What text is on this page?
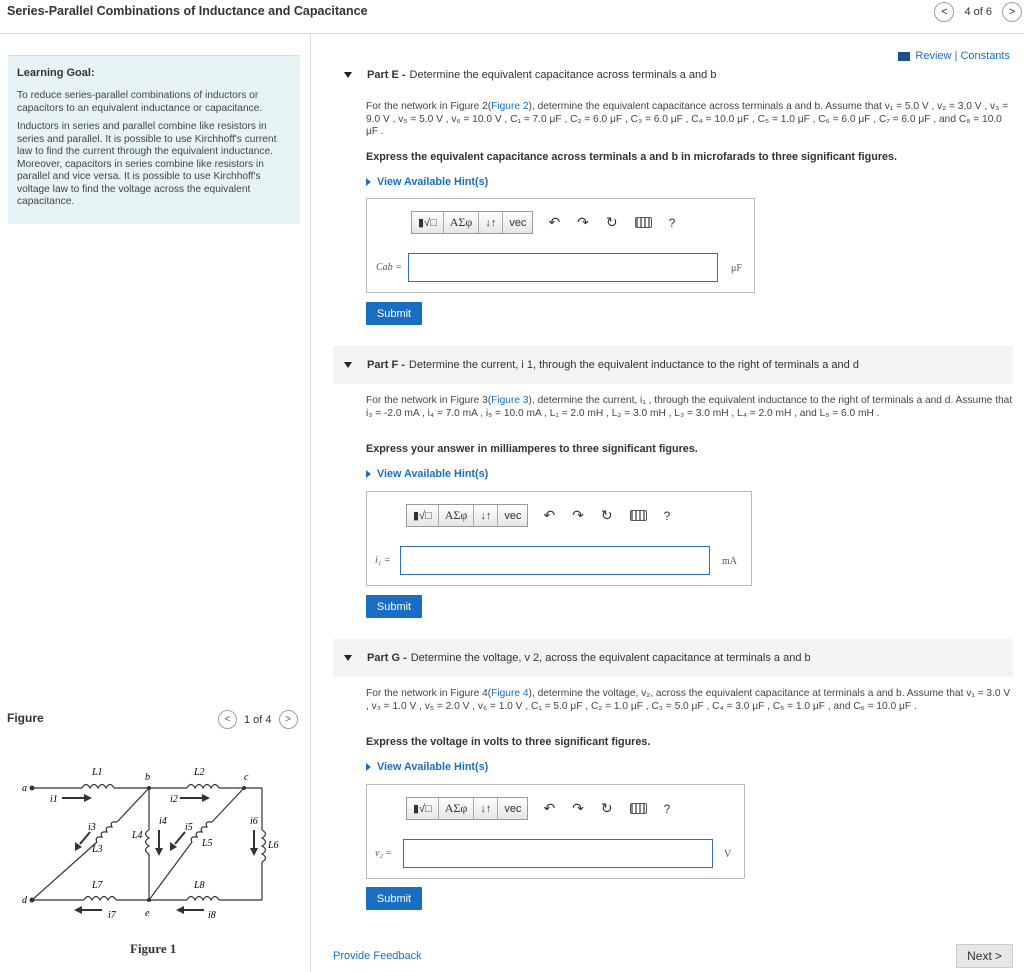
Series-Parallel Combinations of Inductance and Capacitance	<	4 of 6	>
Learning Goal:

To reduce series-parallel combinations of inductors or capacitors to an equivalent inductance or capacitance.

Inductors in series and parallel combine like resistors in series and parallel. It is possible to use Kirchhoff's current law to find the current through the equivalent inductance. Moreover, capacitors in series combine like resistors in parallel and vice versa. It is possible to use Kirchhoff's voltage law to find the voltage across the equivalent capacitance.

Figure	< 1 of 4	>
a
d
b	c
e
L1	L2
L3
L4
L5	L6
L7	L8
i1	i2
i3
i4
i5
i6
i7	i8
Figure 1
Review | Constants
Part E - Determine the equivalent capacitance across terminals a and b
For the network in Figure 2(Figure 2), determine the equivalent capacitance across terminals a and b. Assume that v₁ = 5.0 V , v₂ = 3.0 V , v₃ = 9.0 V , v₅ = 5.0 V , v₆ = 10.0 V , C₁ = 7.0 μF , C₂ = 6.0 μF , C₃ = 6.0 μF , C₄ = 10.0 μF , C₅ = 1.0 μF , C₆ = 6.0 μF , C₇ = 6.0 μF , and C₈ = 10.0 μF .
Express the equivalent capacitance across terminals a and b in microfarads to three significant figures.
View Available Hint(s)
▮√□	ΑΣφ	↓↑	vec	↶ ↷ ↻	?
Cab =	μF
Submit
Part F - Determine the current, i 1, through the equivalent inductance to the right of terminals a and d
For the network in Figure 3(Figure 3), determine the current, i₁ , through the equivalent inductance to the right of terminals a and d. Assume that i₃ = -2.0 mA , i₄ = 7.0 mA , i₅ = 10.0 mA , L₁ = 2.0 mH , L₂ = 3.0 mH , L₃ = 3.0 mH , L₄ = 2.0 mH , and L₅ = 6.0 mH .
Express your answer in milliamperes to three significant figures.
View Available Hint(s)
▮√□	ΑΣφ	↓↑	vec	↶ ↷ ↻	?
i₁ =	mA
Submit
Part G - Determine the voltage, v 2, across the equivalent capacitance at terminals a and b
For the network in Figure 4(Figure 4), determine the voltage, v₂, across the equivalent capacitance at terminals a and b. Assume that v₁ = 3.0 V , v₃ = 1.0 V , v₅ = 2.0 V , v₆ = 1.0 V , C₁ = 5.0 μF , C₂ = 1.0 μF , C₃ = 5.0 μF , C₄ = 3.0 μF , C₅ = 1.0 μF , and C₆ = 10.0 μF .
Express the voltage in volts to three significant figures.
View Available Hint(s)
▮√□	ΑΣφ	↓↑	vec	↶ ↷ ↻	?
v₂ =	V
Submit
Provide Feedback	Next >
